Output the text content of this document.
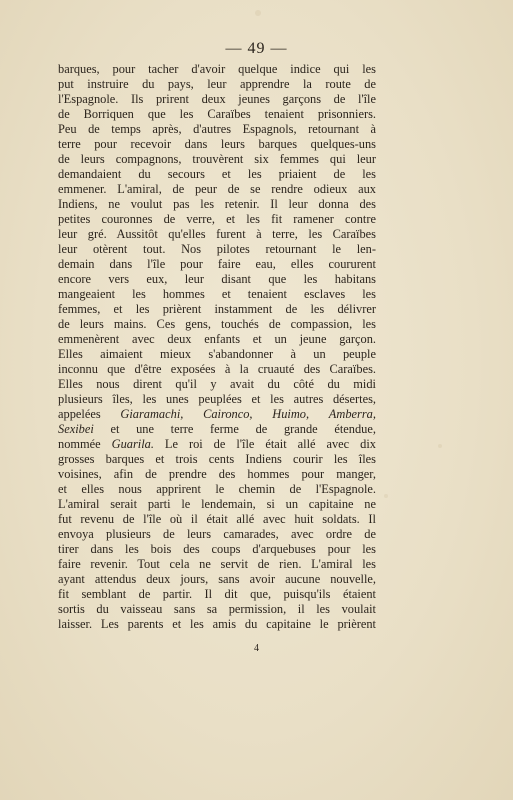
— 49 —
barques, pour tacher d'avoir quelque indice qui les
put instruire du pays, leur apprendre la route de
l'Espagnole. Ils prirent deux jeunes garçons de l'île
de Borriquen que les Caraïbes tenaient prisonniers.
Peu de temps après, d'autres Espagnols, retournant à
terre pour recevoir dans leurs barques quelques-uns
de leurs compagnons, trouvèrent six femmes qui leur
demandaient du secours et les priaient de les
emmener. L'amiral, de peur de se rendre odieux aux
Indiens, ne voulut pas les retenir. Il leur donna des
petites couronnes de verre, et les fit ramener contre
leur gré. Aussitôt qu'elles furent à terre, les Caraïbes
leur otèrent tout. Nos pilotes retournant le len-
demain dans l'île pour faire eau, elles coururent
encore vers eux, leur disant que les habitans
mangeaient les hommes et tenaient esclaves les
femmes, et les prièrent instamment de les délivrer
de leurs mains. Ces gens, touchés de compassion, les
emmenèrent avec deux enfants et un jeune garçon.
Elles aimaient mieux s'abandonner à un peuple
inconnu que d'être exposées à la cruauté des Caraïbes.
Elles nous dirent qu'il y avait du côté du midi
plusieurs îles, les unes peuplées et les autres désertes,
appelées Giaramachi, Caironco, Huimo, Amberra,
Sexibei et une terre ferme de grande étendue,
nommée Guarila. Le roi de l'île était allé avec dix
grosses barques et trois cents Indiens courir les îles
voisines, afin de prendre des hommes pour manger,
et elles nous apprirent le chemin de l'Espagnole.
L'amiral serait parti le lendemain, si un capitaine ne
fut revenu de l'île où il était allé avec huit soldats. Il
envoya plusieurs de leurs camarades, avec ordre de
tirer dans les bois des coups d'arquebuses pour les
faire revenir. Tout cela ne servit de rien. L'amiral les
ayant attendus deux jours, sans avoir aucune nouvelle,
fit semblant de partir. Il dit que, puisqu'ils étaient
sortis du vaisseau sans sa permission, il les voulait
laisser. Les parents et les amis du capitaine le prièrent
4
